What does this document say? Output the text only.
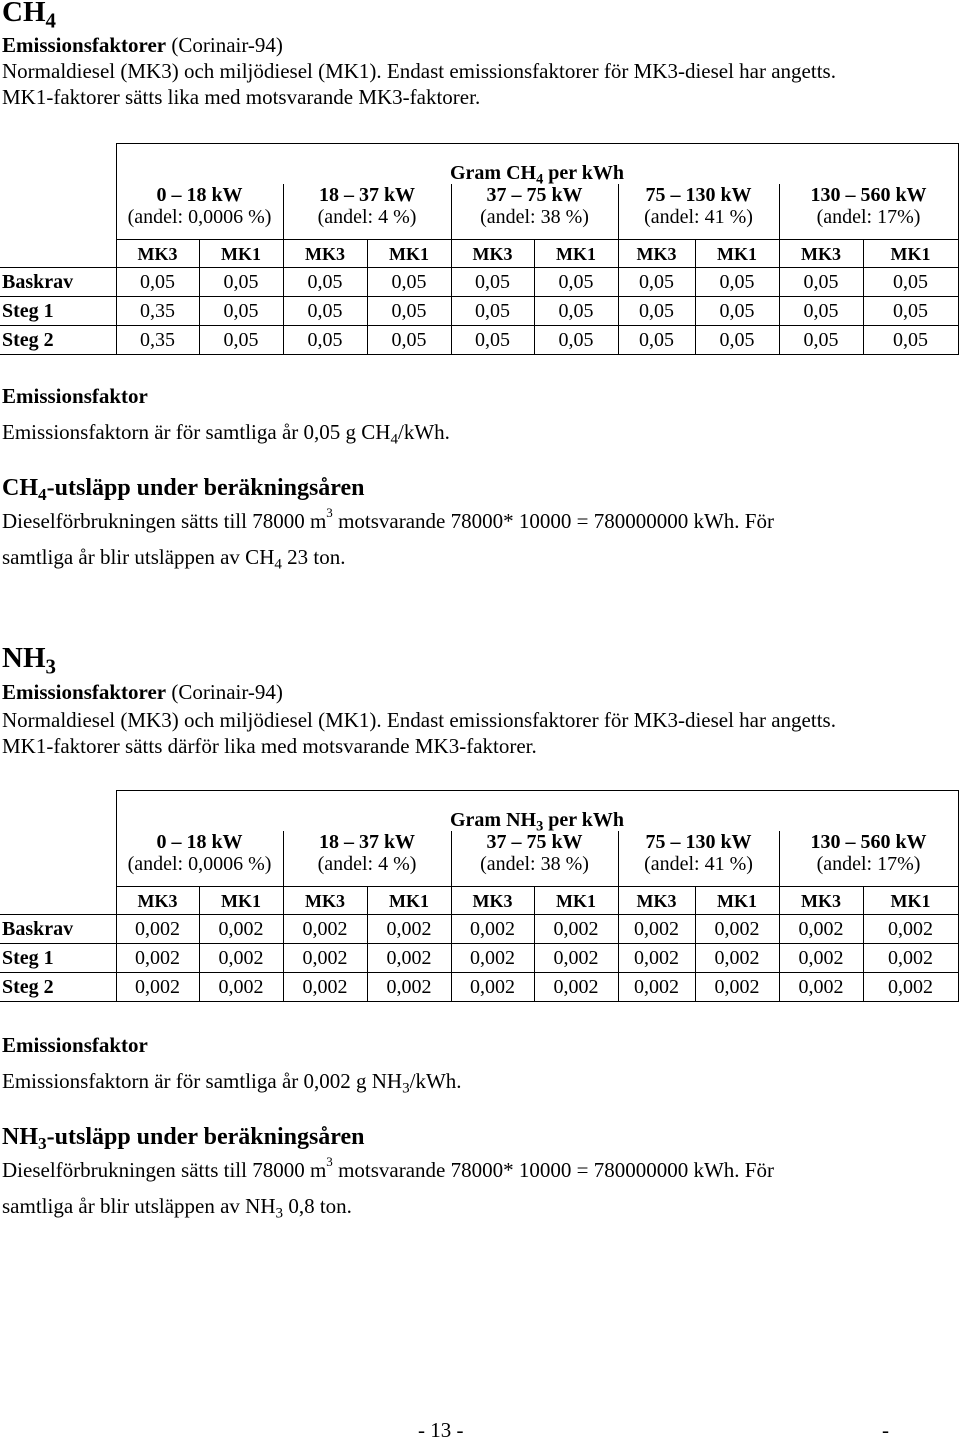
$CH_4$
Emissionsfaktorer (Corinair-94)
Normaldiesel (MK3) och miljödiesel (MK1). Endast emissionsfaktorer för MK3-diesel har angetts.
MK1-faktorer sätts lika med motsvarande MK3-faktorer.
	Gram $CH_4$ per kWh									

	0 – 18 kW
(andel: 0,0006 %)		18 – 37 kW
(andel: 4 %)		37 – 75 kW
(andel: 38 %)		75 – 130 kW
(andel: 41 %)		130 – 560 kW
(andel: 17%)	
	MK3	MK1	MK3	MK1	MK3	MK1	MK3	MK1	MK3	MK1
Baskrav	0,05	0,05	0,05	0,05	0,05	0,05	0,05	0,05	0,05	0,05
Steg 1	0,35	0,05	0,05	0,05	0,05	0,05	0,05	0,05	0,05	0,05
Steg 2	0,35	0,05	0,05	0,05	0,05	0,05	0,05	0,05	0,05	0,05
Emissionsfaktor
Emissionsfaktorn är för samtliga år 0,05 g $CH_4$/kWh.
$CH_4$-utsläpp under beräkningsåren
Dieselförbrukningen sätts till 78000 $m^3$ motsvarande 78000* 10000 = 780000000 kWh. För
samtliga år blir utsläppen av $CH_4$ 23 ton.
$NH_3$
Emissionsfaktorer (Corinair-94)
Normaldiesel (MK3) och miljödiesel (MK1). Endast emissionsfaktorer för MK3-diesel har angetts.
MK1-faktorer sätts därför lika med motsvarande MK3-faktorer.
	Gram $NH_3$ per kWh									

	0 – 18 kW
(andel: 0,0006 %)		18 – 37 kW
(andel: 4 %)		37 – 75 kW
(andel: 38 %)		75 – 130 kW
(andel: 41 %)		130 – 560 kW
(andel: 17%)	
	MK3	MK1	MK3	MK1	MK3	MK1	MK3	MK1	MK3	MK1
Baskrav	0,002	0,002	0,002	0,002	0,002	0,002	0,002	0,002	0,002	0,002
Steg 1	0,002	0,002	0,002	0,002	0,002	0,002	0,002	0,002	0,002	0,002
Steg 2	0,002	0,002	0,002	0,002	0,002	0,002	0,002	0,002	0,002	0,002
Emissionsfaktor
Emissionsfaktorn är för samtliga år 0,002 g $NH_3$/kWh.
$NH_3$-utsläpp under beräkningsåren
Dieselförbrukningen sätts till 78000 $m^3$ motsvarande 78000* 10000 = 780000000 kWh. För
samtliga år blir utsläppen av $NH_3$ 0,8 ton.
- 13 -	-
